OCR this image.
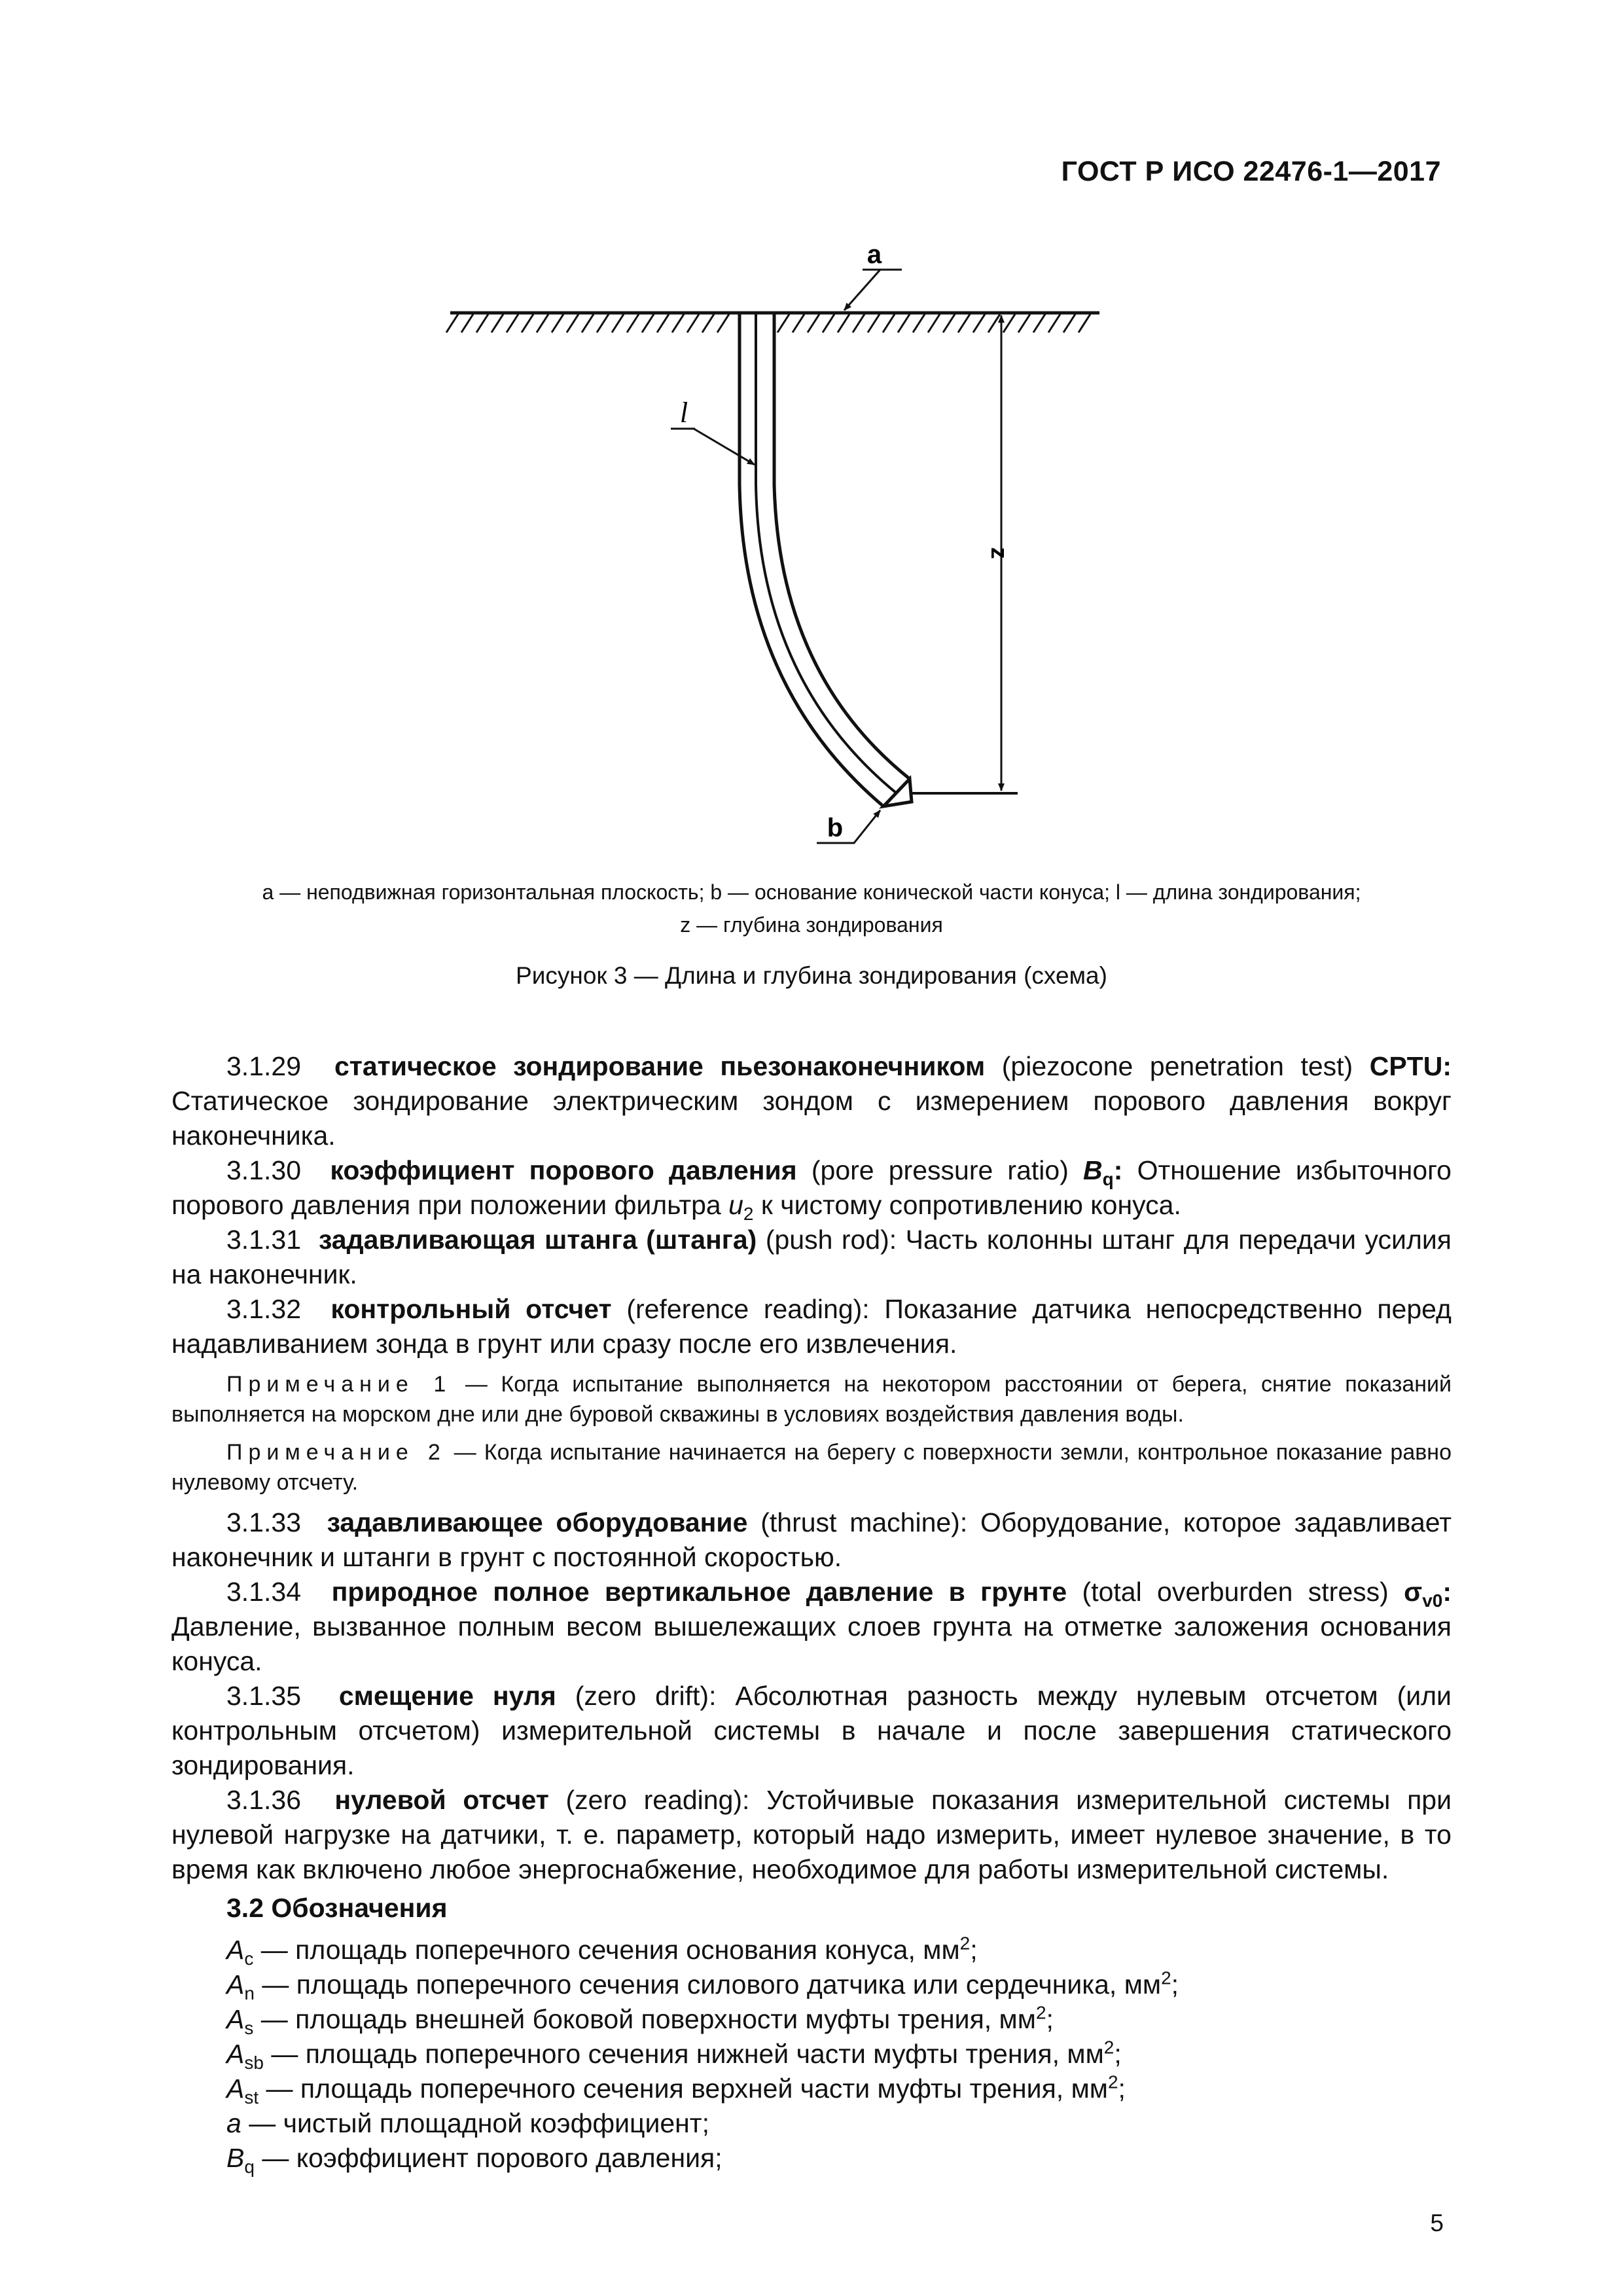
ГОСТ Р ИСО 22476-1—2017
a
l
b
z
a — неподвижная горизонтальная плоскость; b — основание конической части конуса; l — длина зондирования;
z — глубина зондирования
Рисунок 3 — Длина и глубина зондирования (схема)

3.1.29 статическое зондирование пьезонаконечником (piezocone penetration test) CPTU: Статическое зондирование электрическим зондом с измерением порового давления вокруг наконечника.

3.1.30 коэффициент порового давления (pore pressure ratio) $B_q$: Отношение избыточного порового давления при положении фильтра $u_2$ к чистому сопротивлению конуса.

3.1.31 задавливающая штанга (штанга) (push rod): Часть колонны штанг для передачи усилия на наконечник.

3.1.32 контрольный отсчет (reference reading): Показание датчика непосредственно перед надавливанием зонда в грунт или сразу после его извлечения.

Примечание 1 — Когда испытание выполняется на некотором расстоянии от берега, снятие показаний выполняется на морском дне или дне буровой скважины в условиях воздействия давления воды.

Примечание 2 — Когда испытание начинается на берегу с поверхности земли, контрольное показание равно нулевому отсчету.

3.1.33 задавливающее оборудование (thrust machine): Оборудование, которое задавливает наконечник и штанги в грунт с постоянной скоростью.

3.1.34 природное полное вертикальное давление в грунте (total overburden stress) $\sigma_{v0}$: Давление, вызванное полным весом вышележащих слоев грунта на отметке заложения основания конуса.

3.1.35 смещение нуля (zero drift): Абсолютная разность между нулевым отсчетом (или контрольным отсчетом) измерительной системы в начале и после завершения статического зондирования.

3.1.36 нулевой отсчет (zero reading): Устойчивые показания измерительной системы при нулевой нагрузке на датчики, т. е. параметр, который надо измерить, имеет нулевое значение, в то время как включено любое энергоснабжение, необходимое для работы измерительной системы.

3.2 Обозначения
$A_c$ — площадь поперечного сечения основания конуса, $мм^2$;
$A_n$ — площадь поперечного сечения силового датчика или сердечника, $мм^2$;
$A_s$ — площадь внешней боковой поверхности муфты трения, $мм^2$;
$A_{sb}$ — площадь поперечного сечения нижней части муфты трения, $мм^2$;
$A_{st}$ — площадь поперечного сечения верхней части муфты трения, $мм^2$;
a — чистый площадной коэффициент;
$B_q$ — коэффициент порового давления;
5
